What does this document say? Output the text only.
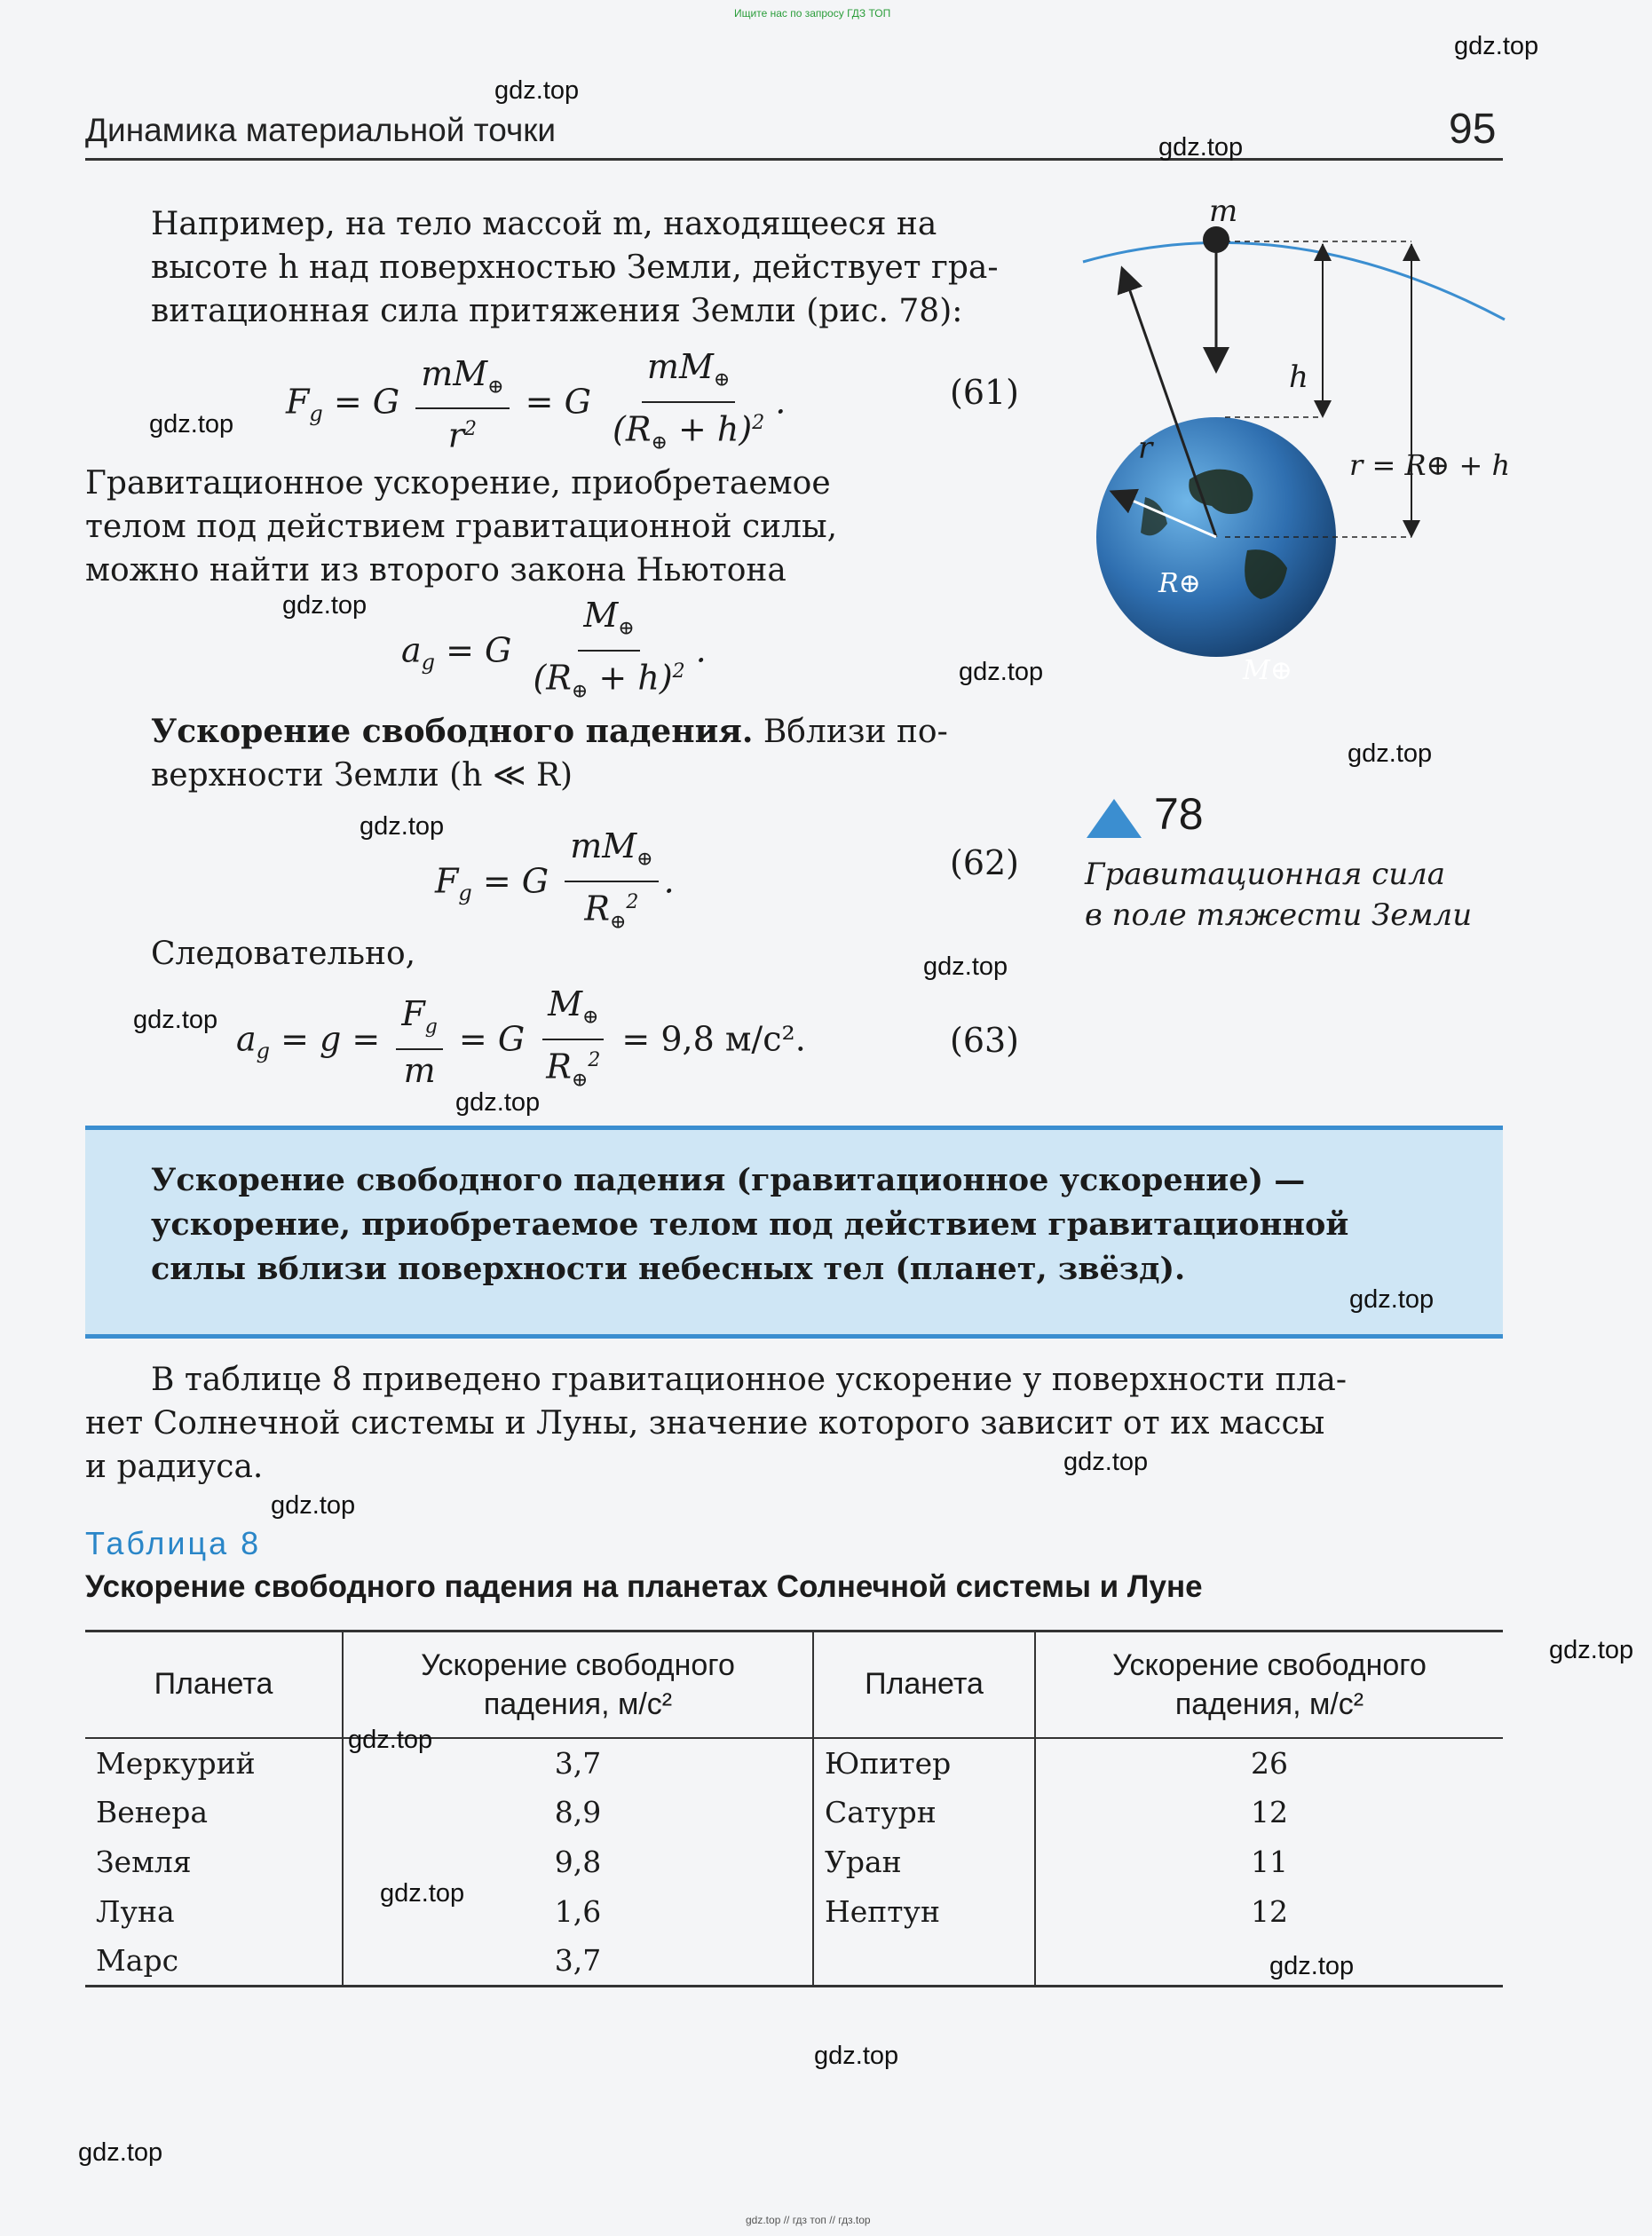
Ищите нас по запросу ГДЗ ТОП
Динамика материальной точки	95
Например, на тело массой m, находящееся на
высоте h над поверхностью Земли, действует гра-
витационная сила притяжения Земли (рис. 78):
$F_g = G \frac{mM_\oplus}{r^2} = G \frac{mM_\oplus}{(R_\oplus + h)^2}$ .	(61)
Гравитационное ускорение, приобретаемое
телом под действием гравитационной силы,
можно найти из второго закона Ньютона
$a_g = G \frac{M_\oplus}{(R_\oplus + h)^2}$ .
Ускорение свободного падения. Вблизи по-
верхности Земли (h ≪ R)
$F_g = G \frac{mM_\oplus}{R_\oplus^2}$ .	(62)
Следовательно,
$a_g = g = \frac{F_g}{m} = G \frac{M_\oplus}{R_\oplus^2} = 9,8$ м/с².	(63)
Ускорение свободного падения (гравитационное ускорение) —
ускорение, приобретаемое телом под действием гравитационной
силы вблизи поверхности небесных тел (планет, звёзд).
В таблице 8 приведено гравитационное ускорение у поверхности пла-
нет Солнечной системы и Луны, значение которого зависит от их массы
и радиуса.
m
h
r	r = R⊕ + h
R⊕
M⊕
78
Гравитационная сила
в поле тяжести Земли
Таблица 8
Ускорение свободного падения на планетах Солнечной системы и Луне
Планета	Ускорение свободного падения, м/с²	Планета	Ускорение свободного падения, м/с²
Меркурий	3,7	Юпитер	26
Венера	8,9	Сатурн	12
Земля	9,8	Уран	11
Луна	1,6	Нептун	12
Марс	3,7		
gdz.top
gdz.top
gdz.top
gdz.top
gdz.top
gdz.top
gdz.top
gdz.top
gdz.top
gdz.top
gdz.top
gdz.top
gdz.top
gdz.top
gdz.top
gdz.top
gdz.top
gdz.top
gdz.top
gdz.top
gdz.top // гдз топ // гдз.top
